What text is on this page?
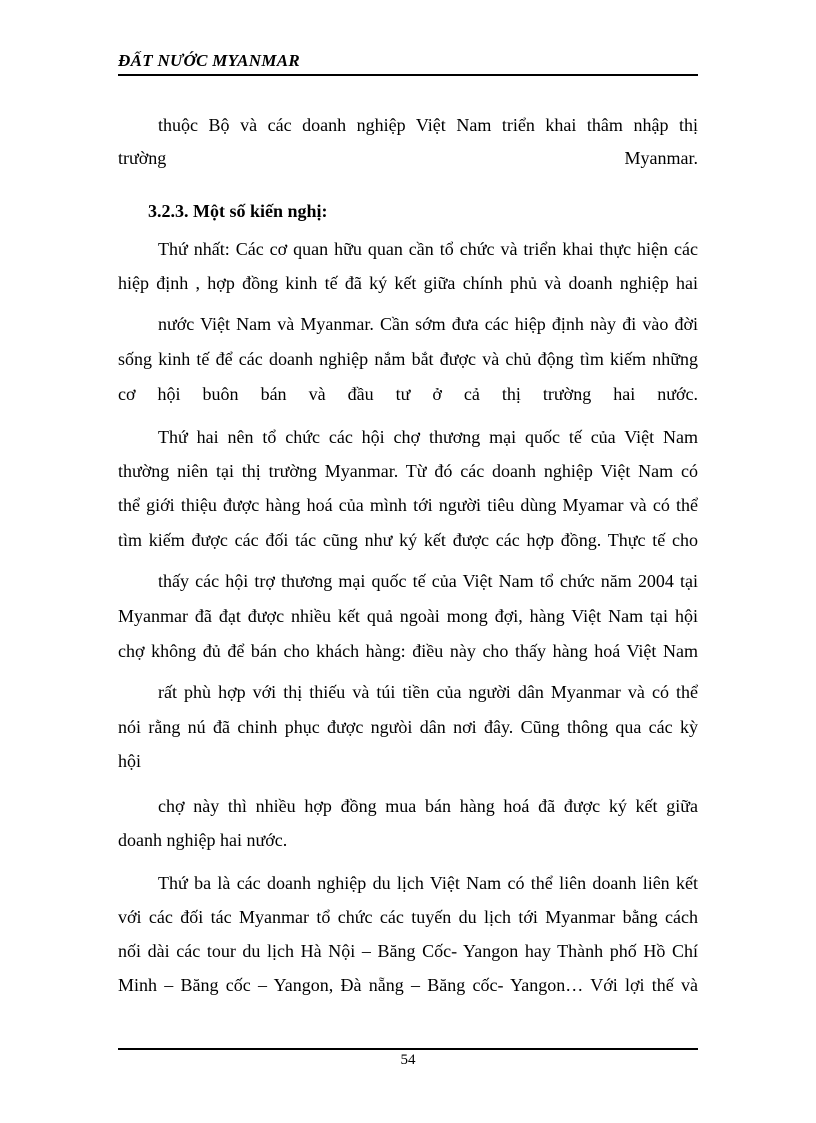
ĐẤT NƯỚC MYANMAR
thuộc Bộ và các doanh nghiệp Việt Nam triển khai thâm nhập thị
trường	Myanmar.
3.2.3. Một số kiến nghị:
Thứ nhất: Các cơ quan hữu quan cần tổ chức và triển khai thực hiện các
hiệp định , hợp đồng kinh tế đã ký kết giữa chính phủ và doanh nghiệp hai
nước Việt Nam và Myanmar. Cần sớm đưa các hiệp định này đi vào đời
sống kinh tế để các doanh nghiệp nắm bắt được và chủ động tìm kiếm những
cơ hội buôn bán và đầu tư ở cả thị trường hai nước.
Thứ hai nên tổ chức các hội chợ thương mại quốc tế của Việt Nam
thường niên tại thị trường Myanmar. Từ đó các doanh nghiệp Việt Nam có
thể giới thiệu được hàng hoá của mình tới người tiêu dùng Myamar và có thể
tìm kiếm được các đối tác cũng như ký kết được các hợp đồng. Thực tế cho
thấy các hội trợ thương mại quốc tế của Việt Nam tổ chức năm 2004 tại
Myanmar đã đạt được nhiều kết quả ngoài mong đợi, hàng Việt Nam tại hội
chợ không đủ để bán cho khách hàng: điều này cho thấy hàng hoá Việt Nam
rất phù hợp với thị thiếu và túi tiền của người dân Myanmar và có thể
nói rằng nú đã chinh phục được ngưòi dân nơi đây. Cũng thông qua các kỳ
hội
chợ này thì nhiều hợp đồng mua bán hàng hoá đã được ký kết giữa
doanh nghiệp hai nước.
Thứ ba là các doanh nghiệp du lịch Việt Nam có thể liên doanh liên kết
với các đối tác Myanmar tổ chức các tuyến du lịch tới Myanmar bằng cách
nối dài các tour du lịch Hà Nội – Băng Cốc- Yangon hay Thành phố Hồ Chí
Minh – Băng cốc – Yangon, Đà nẵng – Băng cốc- Yangon… Với lợi thế và
54
